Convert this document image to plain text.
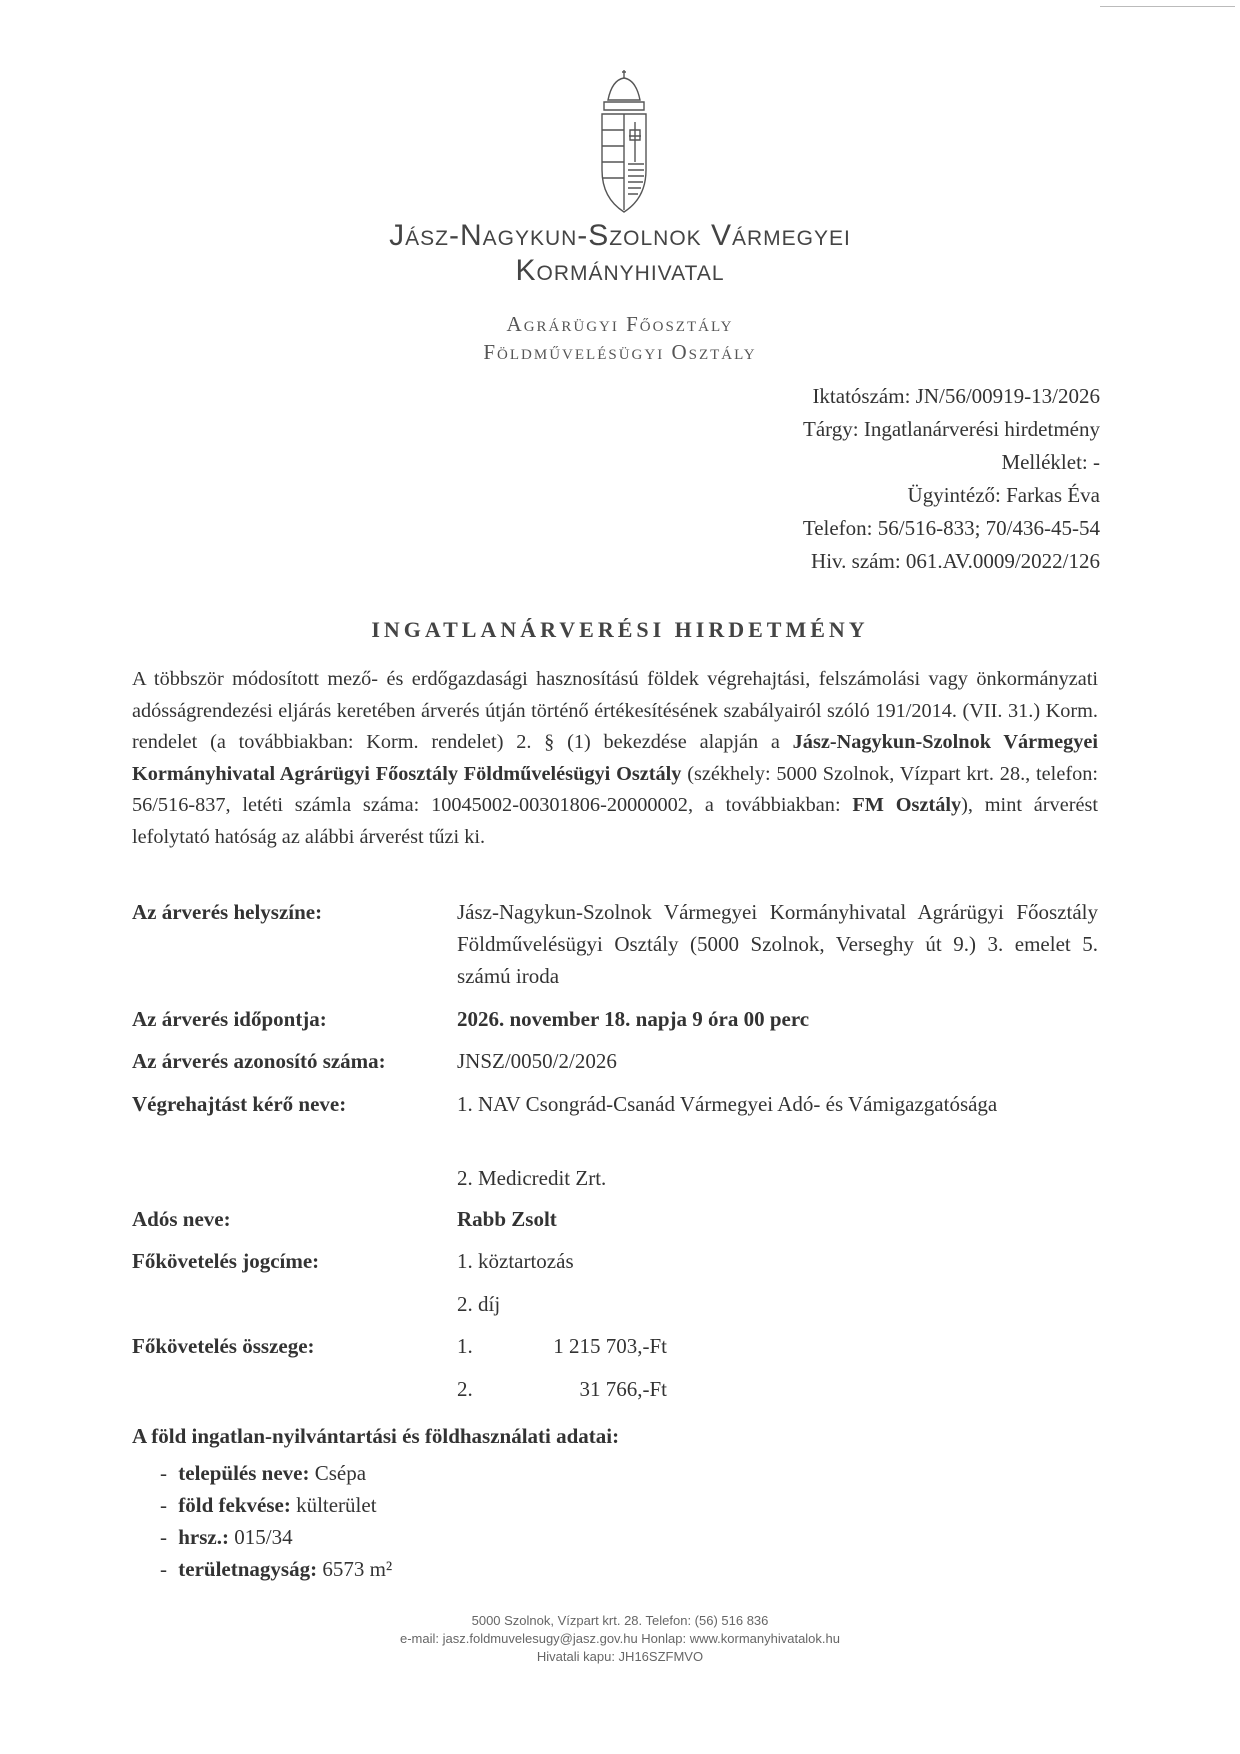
Jász-Nagykun-Szolnok Vármegyei
Kormányhivatal
Agrárügyi Főosztály
Földművelésügyi Osztály
Iktatószám: JN/56/00919-13/2026
Tárgy: Ingatlanárverési hirdetmény
Melléklet: -
Ügyintéző: Farkas Éva
Telefon: 56/516-833; 70/436-45-54
Hiv. szám: 061.AV.0009/2022/126
INGATLANÁRVERÉSI HIRDETMÉNY
A többször módosított mező- és erdőgazdasági hasznosítású földek végrehajtási, felszámolási vagy önkormányzati adósságrendezési eljárás keretében árverés útján történő értékesítésének szabályairól szóló 191/2014. (VII. 31.) Korm. rendelet (a továbbiakban: Korm. rendelet) 2. § (1) bekezdése alapján a Jász-Nagykun-Szolnok Vármegyei Kormányhivatal Agrárügyi Főosztály Földművelésügyi Osztály (székhely: 5000 Szolnok, Vízpart krt. 28., telefon: 56/516-837, letéti számla száma: 10045002-00301806-20000002, a továbbiakban: FM Osztály), mint árverést lefolytató hatóság az alábbi árverést tűzi ki.
Az árverés helyszíne:	Jász-Nagykun-Szolnok Vármegyei Kormányhivatal Agrárügyi Főosztály Földművelésügyi Osztály (5000 Szolnok, Verseghy út 9.) 3. emelet 5. számú iroda
Az árverés időpontja:	2026. november 18. napja 9 óra 00 perc
Az árverés azonosító száma:	JNSZ/0050/2/2026
Végrehajtást kérő neve:	1. NAV Csongrád-Csanád Vármegyei Adó- és Vámigazgatósága
2. Medicredit Zrt.
Adós neve:	Rabb Zsolt
Főkövetelés jogcíme:	1. köztartozás
2. díj
Főkövetelés összege:	1.	1 215 703,-Ft
2.	31 766,-Ft
A föld ingatlan-nyilvántartási és földhasználati adatai:
- település neve: Csépa
- föld fekvése: külterület
- hrsz.: 015/34
- területnagyság: 6573 m²
5000 Szolnok, Vízpart krt. 28. Telefon: (56) 516 836
e-mail: jasz.foldmuvelesugy@jasz.gov.hu Honlap: www.kormanyhivatalok.hu
Hivatali kapu: JH16SZFMVO
